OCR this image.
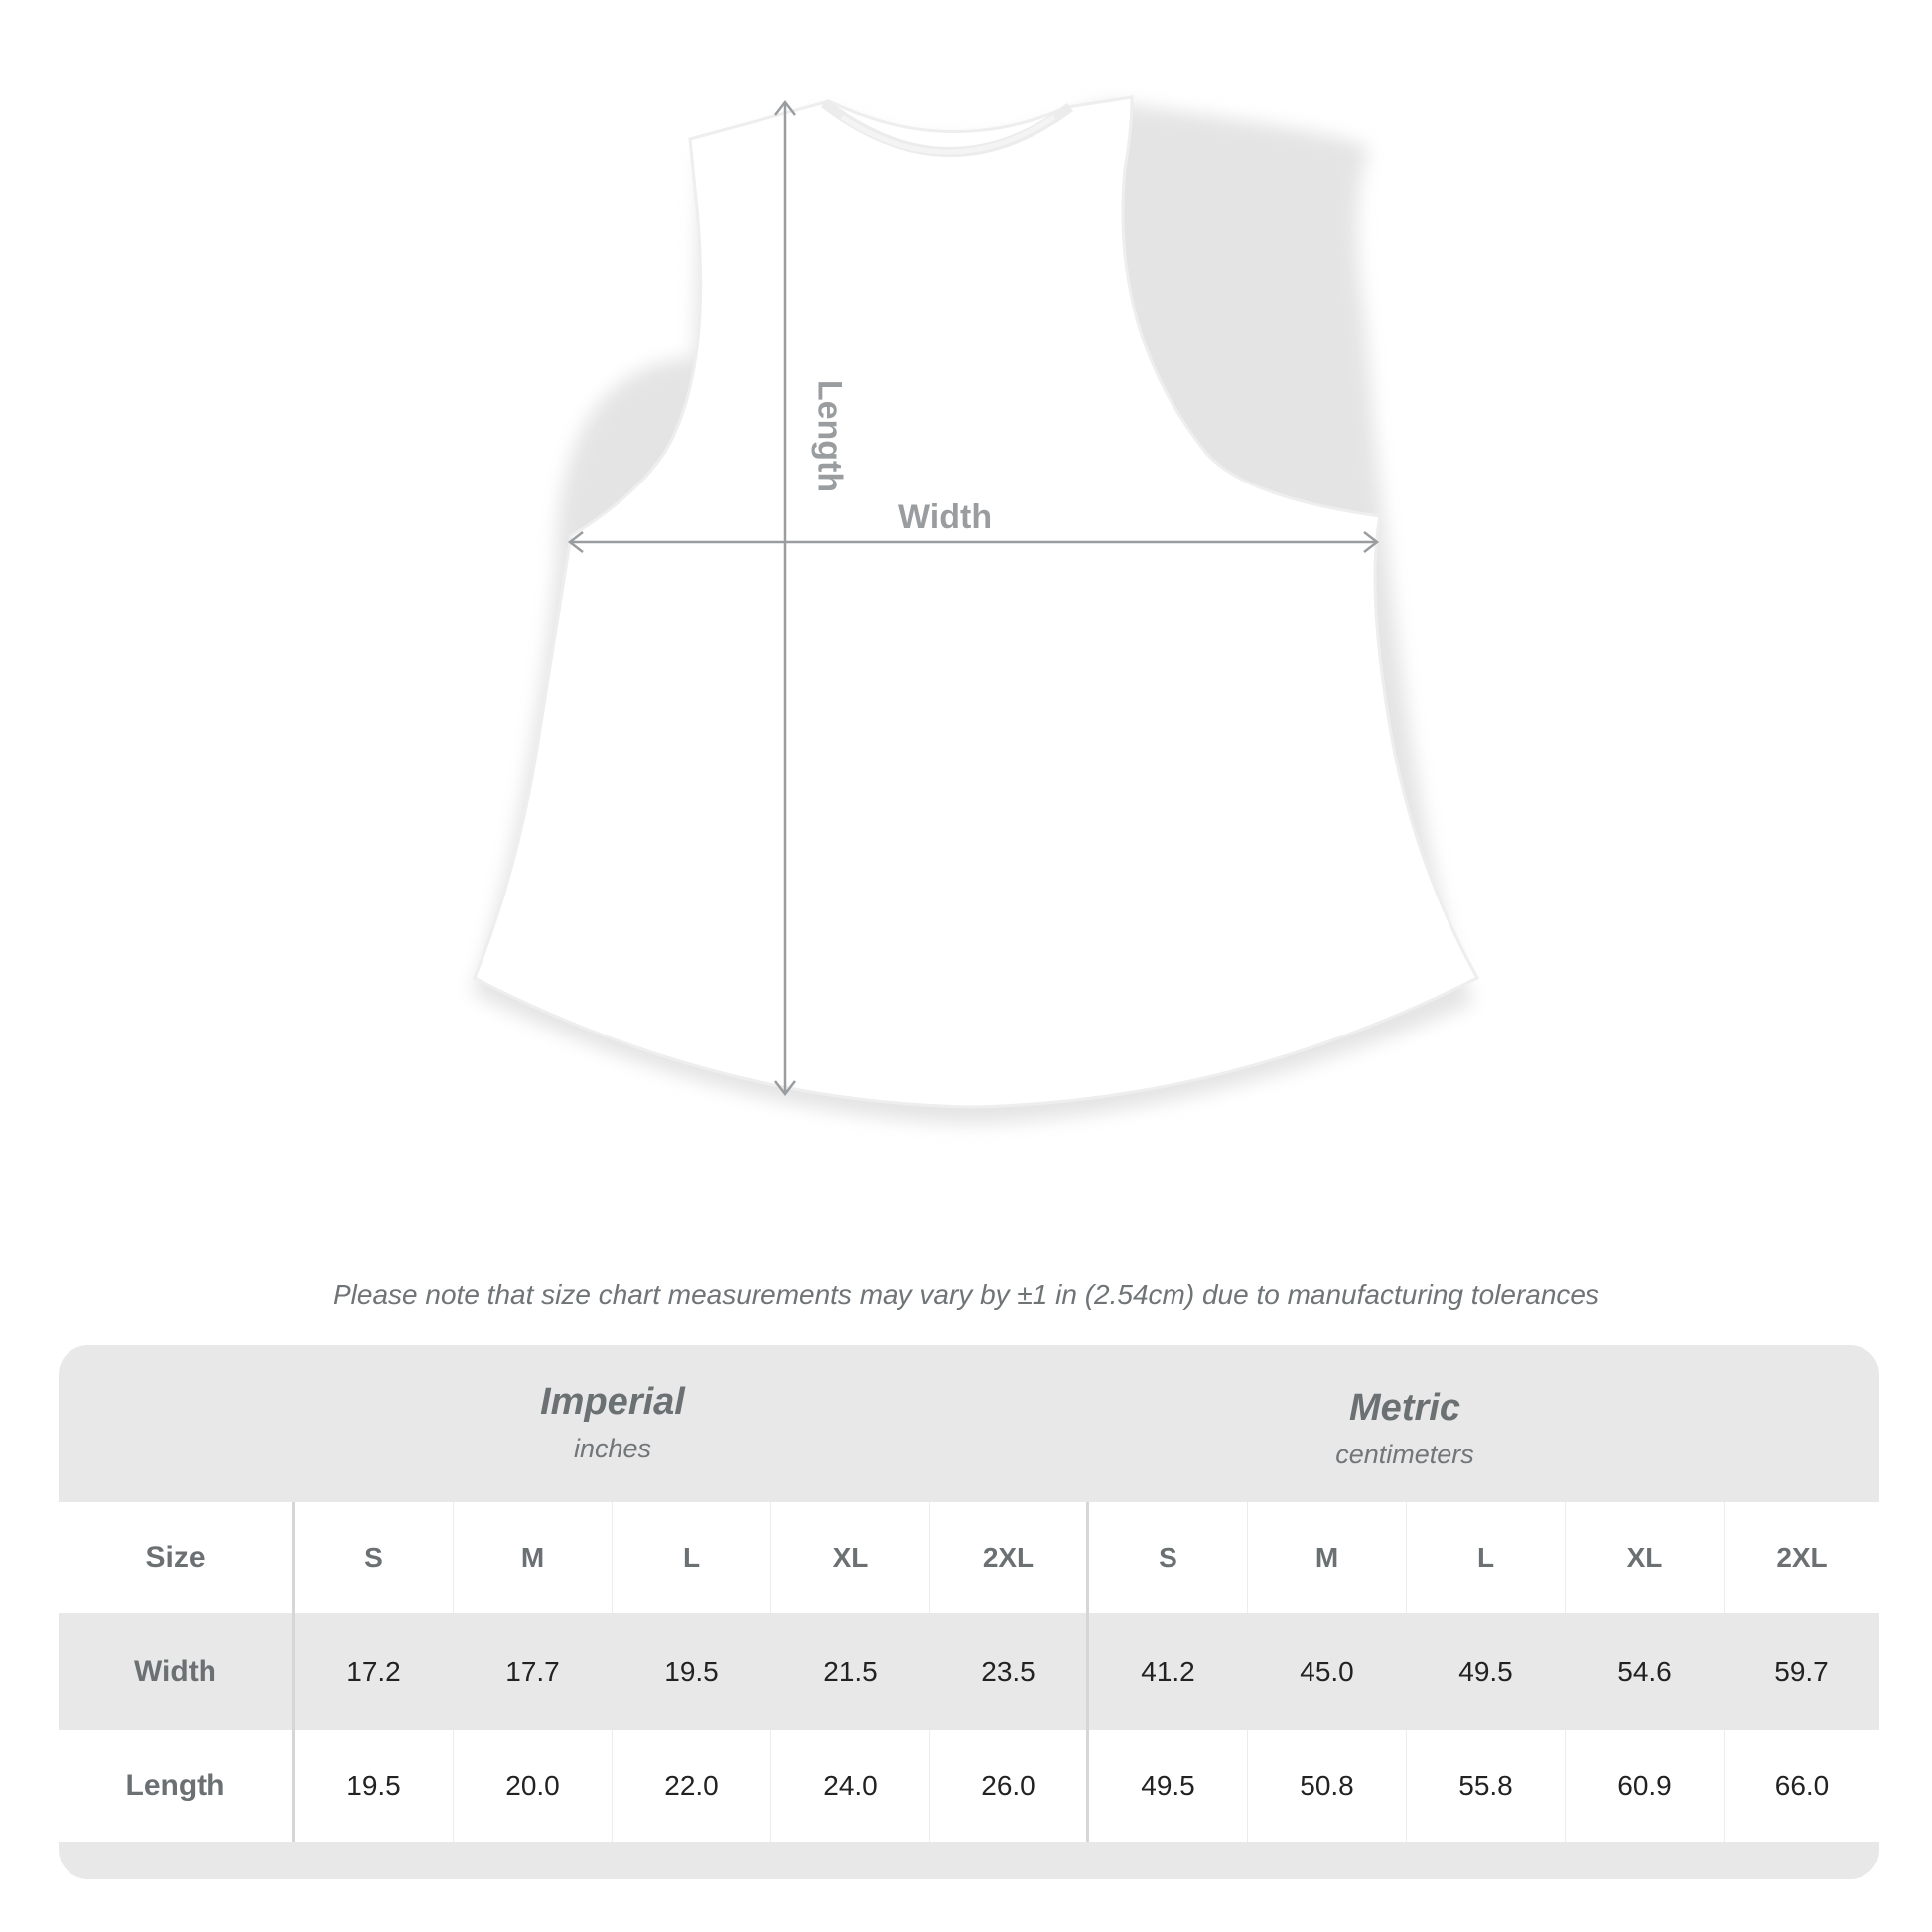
Width
Length
Please note that size chart measurements may vary by ±1 in (2.54cm) due to manufacturing tolerances
Imperial
inches
Metric
centimeters
Size	S	M	L	XL	2XL	S	M	L	XL	2XL
Width	17.2	17.7	19.5	21.5	23.5	41.2	45.0	49.5	54.6	59.7
Length	19.5	20.0	22.0	24.0	26.0	49.5	50.8	55.8	60.9	66.0
